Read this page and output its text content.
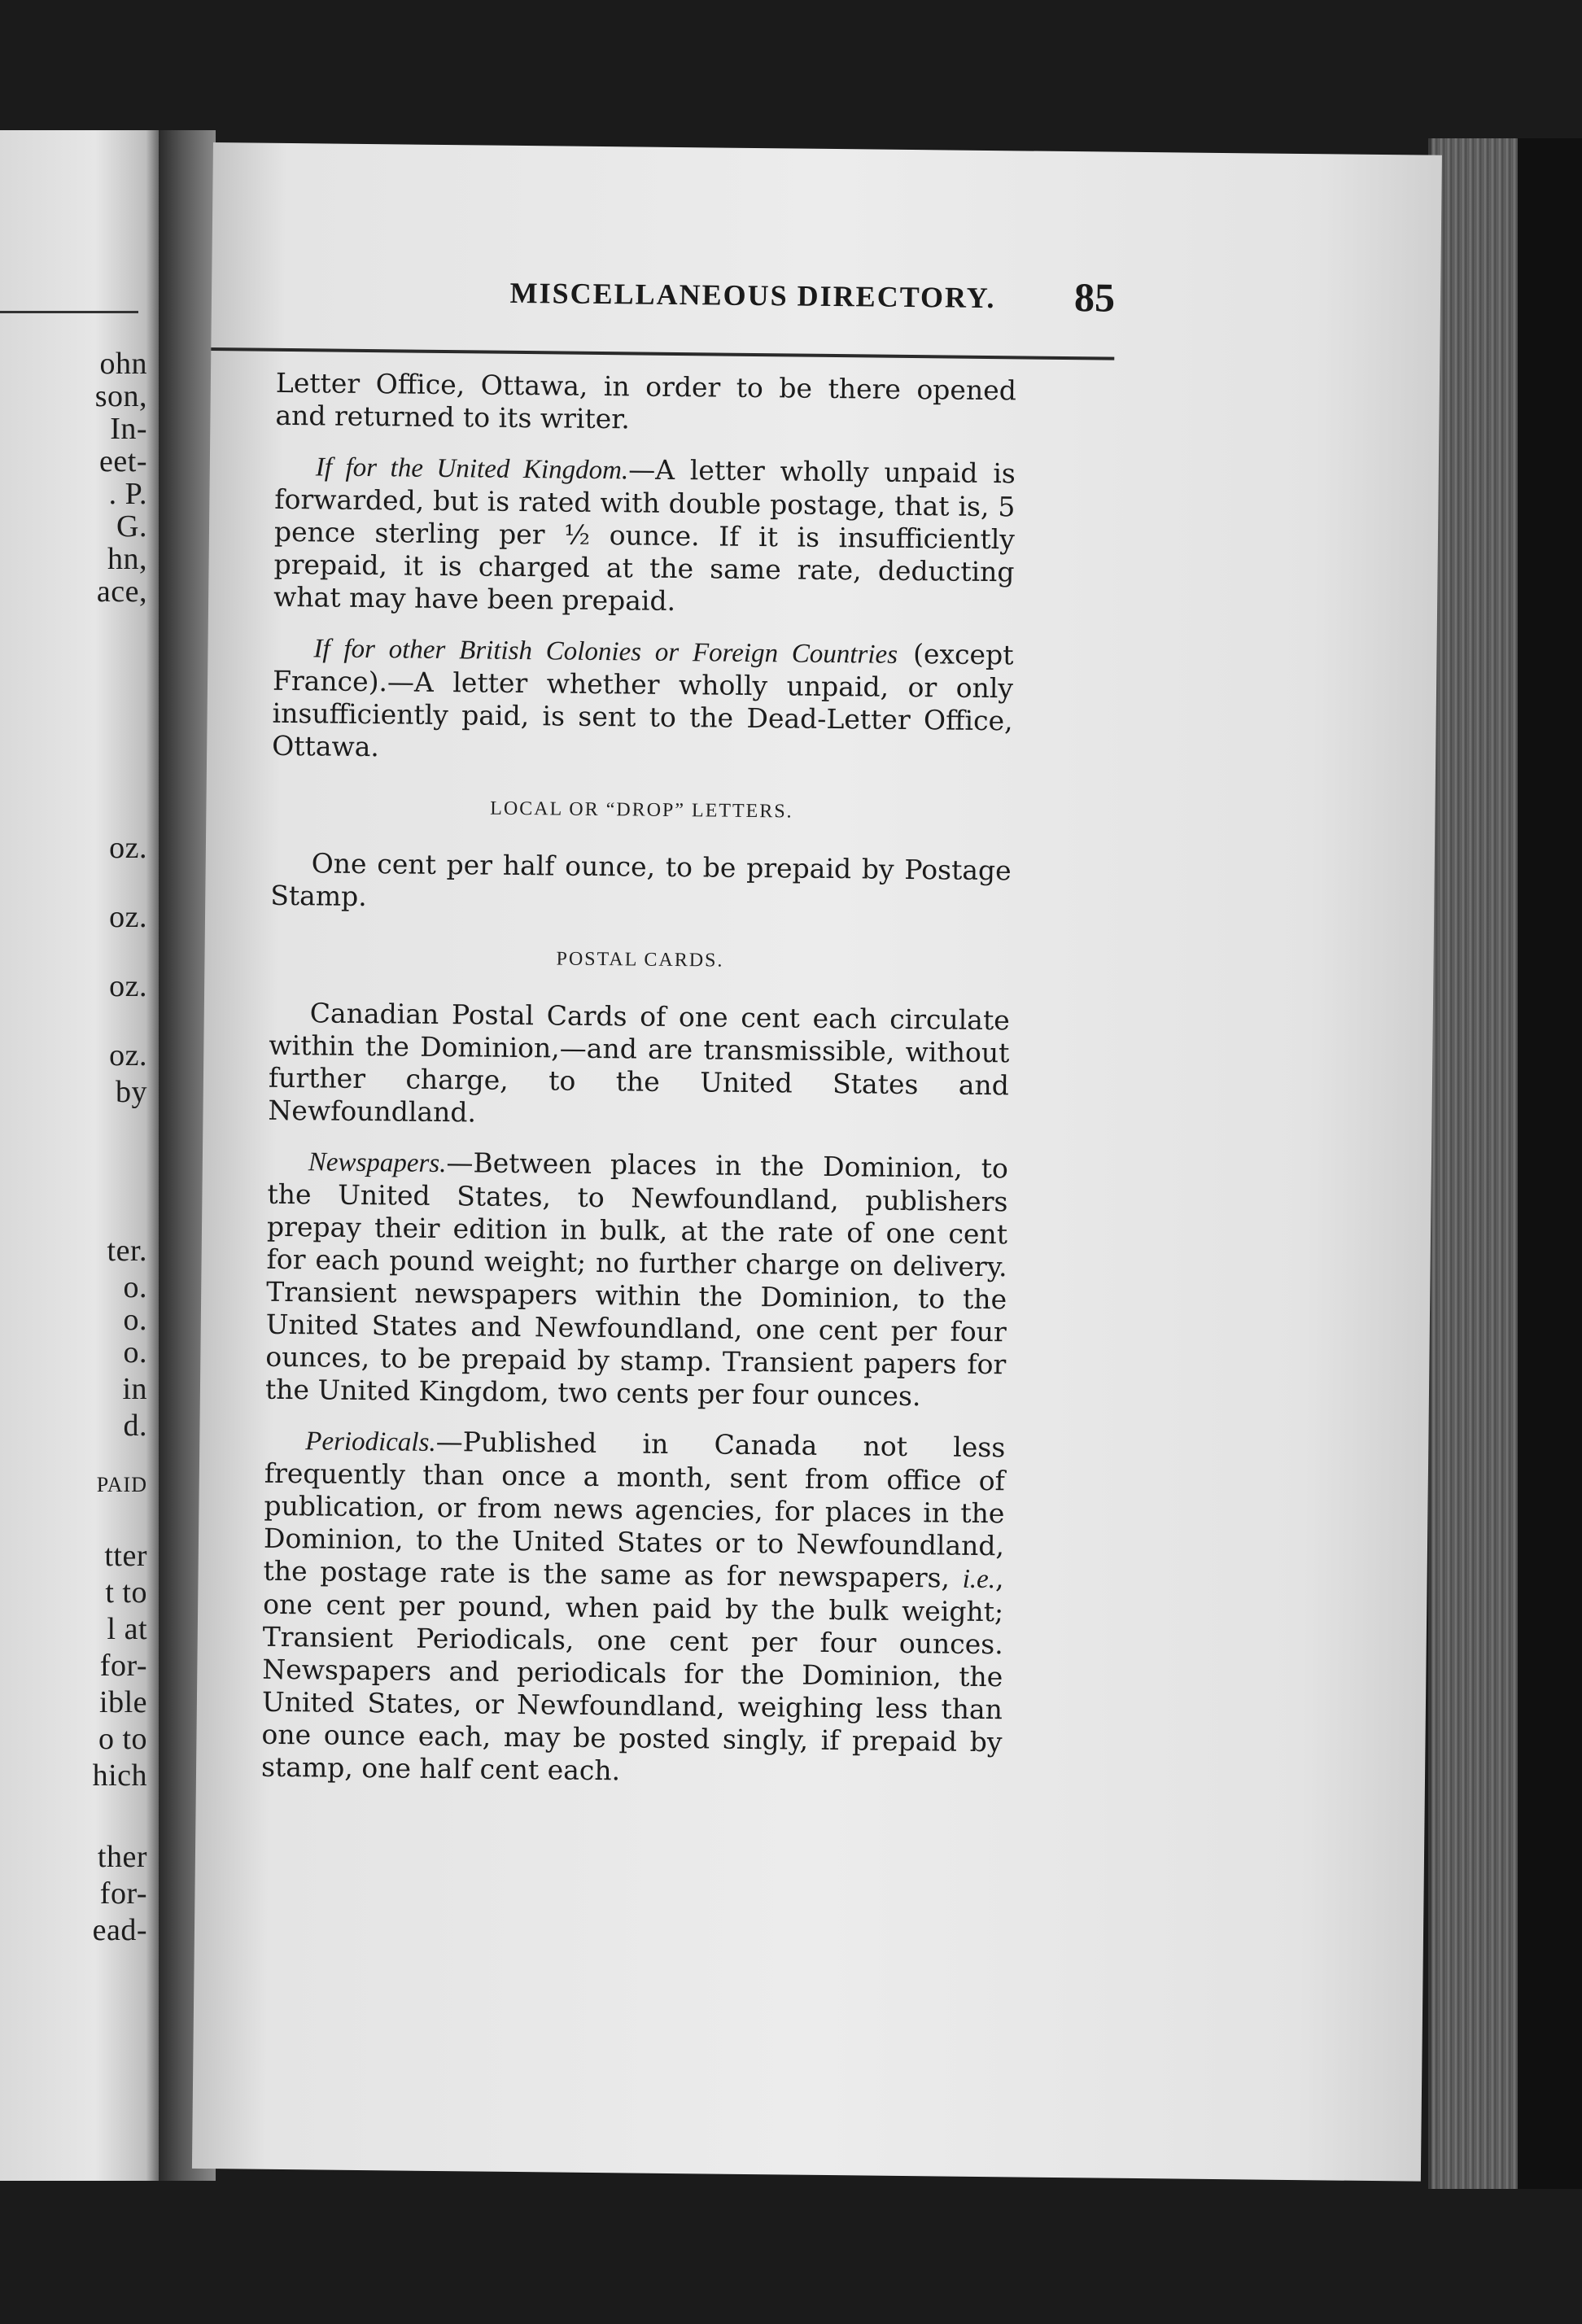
ohn
son,
In-
eet-
. P.
G.
hn,
ace,
oz.
oz.
oz.
oz.
by
ter.
o.
o.
o.
in
d.
PAID
tter
t to
l at
for-
ible
o to
hich
ther
for-
ead-
MISCELLANEOUS DIRECTORY.	85

Letter Office, Ottawa, in order to be there opened and returned to its writer.

If for the United Kingdom.—A letter wholly unpaid is forwarded, but is rated with double postage, that is, 5 pence sterling per ½ ounce. If it is insufficiently prepaid, it is charged at the same rate, deducting what may have been prepaid.

If for other British Colonies or Foreign Countries (except France).—A letter whether wholly unpaid, or only insufficiently paid, is sent to the Dead-Letter Office, Ottawa.

LOCAL OR “DROP” LETTERS.

One cent per half ounce, to be prepaid by Postage Stamp.

POSTAL CARDS.

Canadian Postal Cards of one cent each circulate within the Dominion,—and are transmissible, without further charge, to the United States and Newfoundland.

Newspapers.—Between places in the Dominion, to the United States, to Newfoundland, publishers prepay their edition in bulk, at the rate of one cent for each pound weight; no further charge on delivery. Transient newspapers within the Dominion, to the United States and Newfoundland, one cent per four ounces, to be prepaid by stamp. Transient papers for the United Kingdom, two cents per four ounces.

Periodicals.—Published in Canada not less frequently than once a month, sent from office of publication, or from news agencies, for places in the Dominion, to the United States or to Newfoundland, the postage rate is the same as for newspapers, i.e., one cent per pound, when paid by the bulk weight; Transient Periodicals, one cent per four ounces. Newspapers and periodicals for the Dominion, the United States, or Newfoundland, weighing less than one ounce each, may be posted singly, if prepaid by stamp, one half cent each.
